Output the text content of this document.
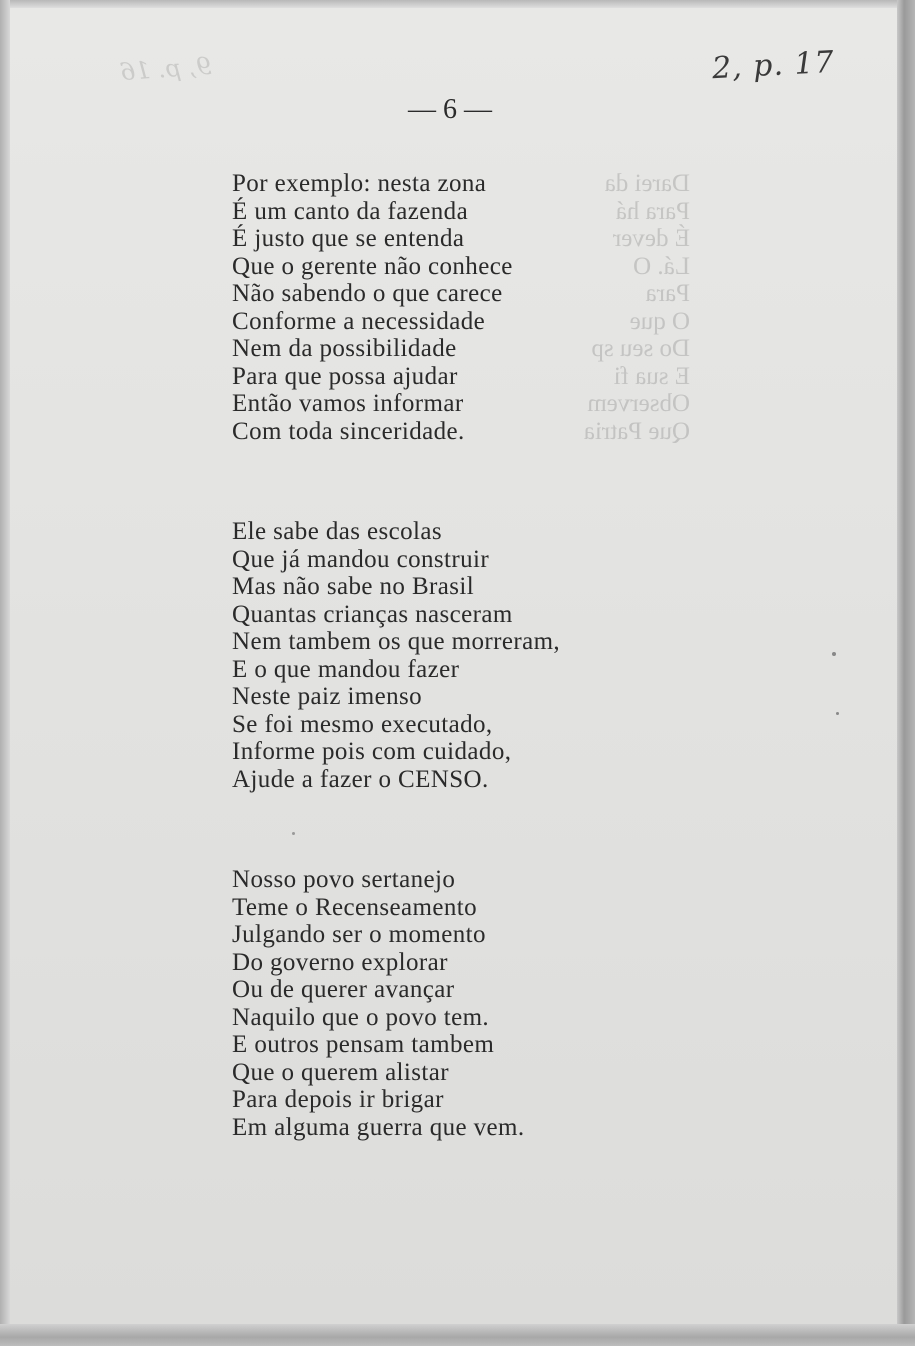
9, p. 16	2, p. 17
— 6 —
Darei da
Para há
É dever
Lá. O
Para
O que
Do seu sp
E sua fi
Observem
Que Patria
Por exemplo: nesta zona
É um canto da fazenda
É justo que se entenda
Que o gerente não conhece
Não sabendo o que carece
Conforme a necessidade
Nem da possibilidade
Para que possa ajudar
Então vamos informar
Com toda sinceridade.
Ele sabe das escolas
Que já mandou construir
Mas não sabe no Brasil
Quantas crianças nasceram
Nem tambem os que morreram,
E o que mandou fazer
Neste paiz imenso
Se foi mesmo executado,
Informe pois com cuidado,
Ajude a fazer o CENSO.
Nosso povo sertanejo
Teme o Recenseamento
Julgando ser o momento
Do governo explorar
Ou de querer avançar
Naquilo que o povo tem.
E outros pensam tambem
Que o querem alistar
Para depois ir brigar
Em alguma guerra que vem.
